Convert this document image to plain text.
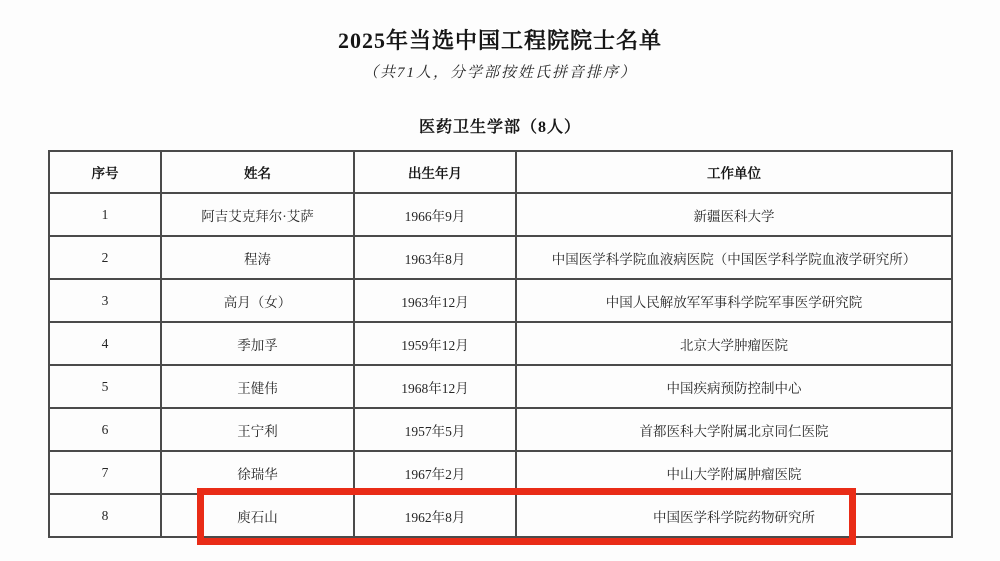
2025年当选中国工程院院士名单
（共71人，分学部按姓氏拼音排序）
医药卫生学部（8人）
序号	姓名	出生年月	工作单位
1	阿吉艾克拜尔·艾萨	1966年9月	新疆医科大学
2	程涛	1963年8月	中国医学科学院血液病医院（中国医学科学院血液学研究所）
3	高月（女）	1963年12月	中国人民解放军军事科学院军事医学研究院
4	季加孚	1959年12月	北京大学肿瘤医院
5	王健伟	1968年12月	中国疾病预防控制中心
6	王宁利	1957年5月	首都医科大学附属北京同仁医院
7	徐瑞华	1967年2月	中山大学附属肿瘤医院
8	庾石山	1962年8月	中国医学科学院药物研究所
